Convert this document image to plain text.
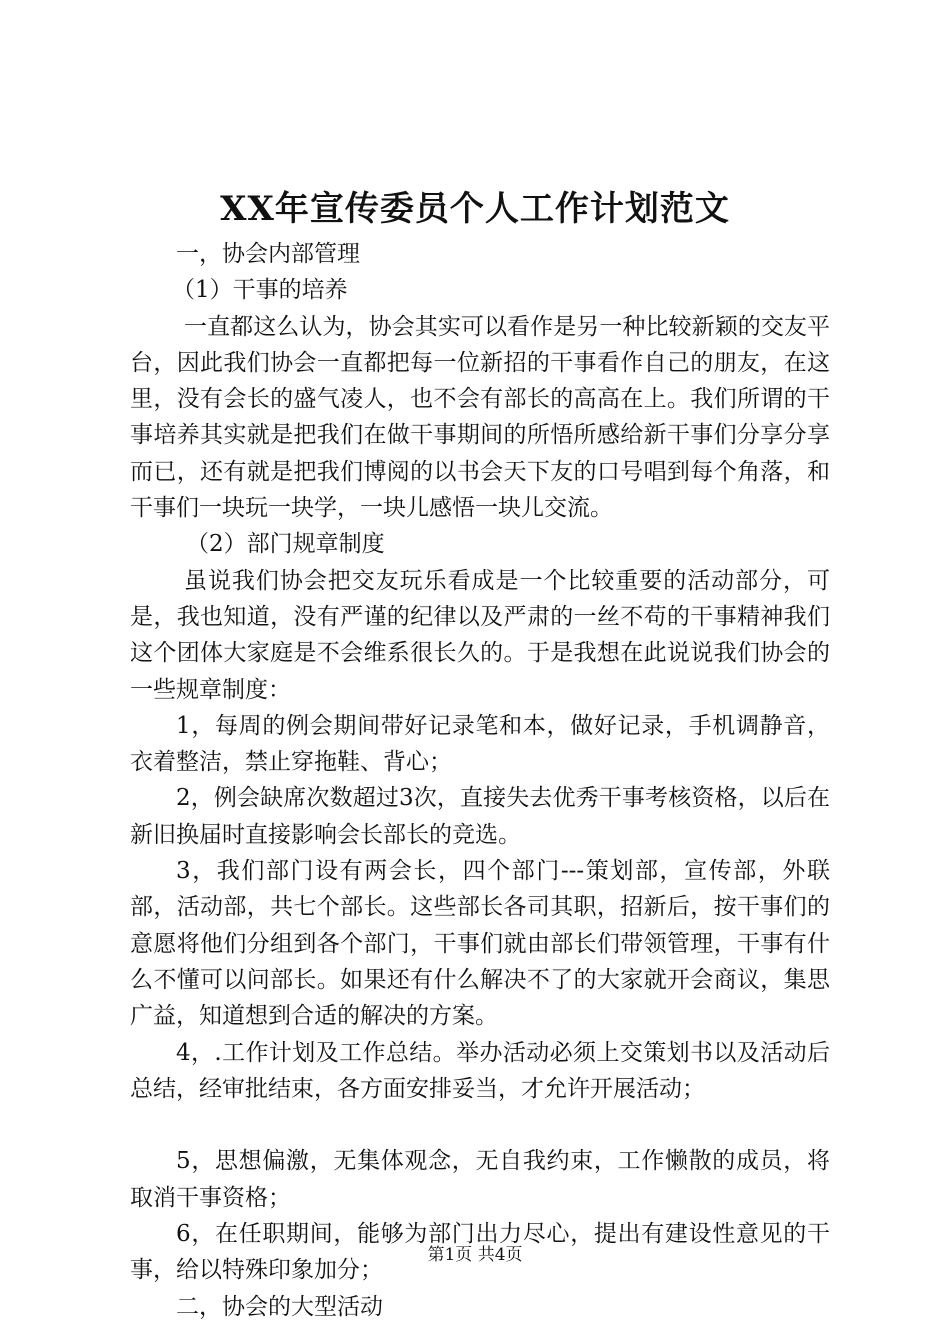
XX年宣传委员个人工作计划范文

一，协会内部管理

（1）干事的培养

一直都这么认为，协会其实可以看作是另一种比较新颖的交友平台，因此我们协会一直都把每一位新招的干事看作自己的朋友，在这里，没有会长的盛气凌人，也不会有部长的高高在上。我们所谓的干事培养其实就是把我们在做干事期间的所悟所感给新干事们分享分享而已，还有就是把我们博阅的以书会天下友的口号唱到每个角落，和干事们一块玩一块学，一块儿感悟一块儿交流。

（2）部门规章制度

虽说我们协会把交友玩乐看成是一个比较重要的活动部分，可是，我也知道，没有严谨的纪律以及严肃的一丝不苟的干事精神我们这个团体大家庭是不会维系很长久的。于是我想在此说说我们协会的一些规章制度：

1，每周的例会期间带好记录笔和本，做好记录，手机调静音，衣着整洁，禁止穿拖鞋、背心；

2，例会缺席次数超过3次，直接失去优秀干事考核资格，以后在新旧换届时直接影响会长部长的竞选。

3，我们部门设有两会长，四个部门---策划部，宣传部，外联部，活动部，共七个部长。这些部长各司其职，招新后，按干事们的意愿将他们分组到各个部门，干事们就由部长们带领管理，干事有什么不懂可以问部长。如果还有什么解决不了的大家就开会商议，集思广益，知道想到合适的解决的方案。

4，.工作计划及工作总结。举办活动必须上交策划书以及活动后总结，经审批结束，各方面安排妥当，才允许开展活动；

5，思想偏激，无集体观念，无自我约束，工作懒散的成员，将取消干事资格；

6，在任职期间，能够为部门出力尽心，提出有建设性意见的干事，给以特殊印象加分；

二，协会的大型活动

第1页 共4页
